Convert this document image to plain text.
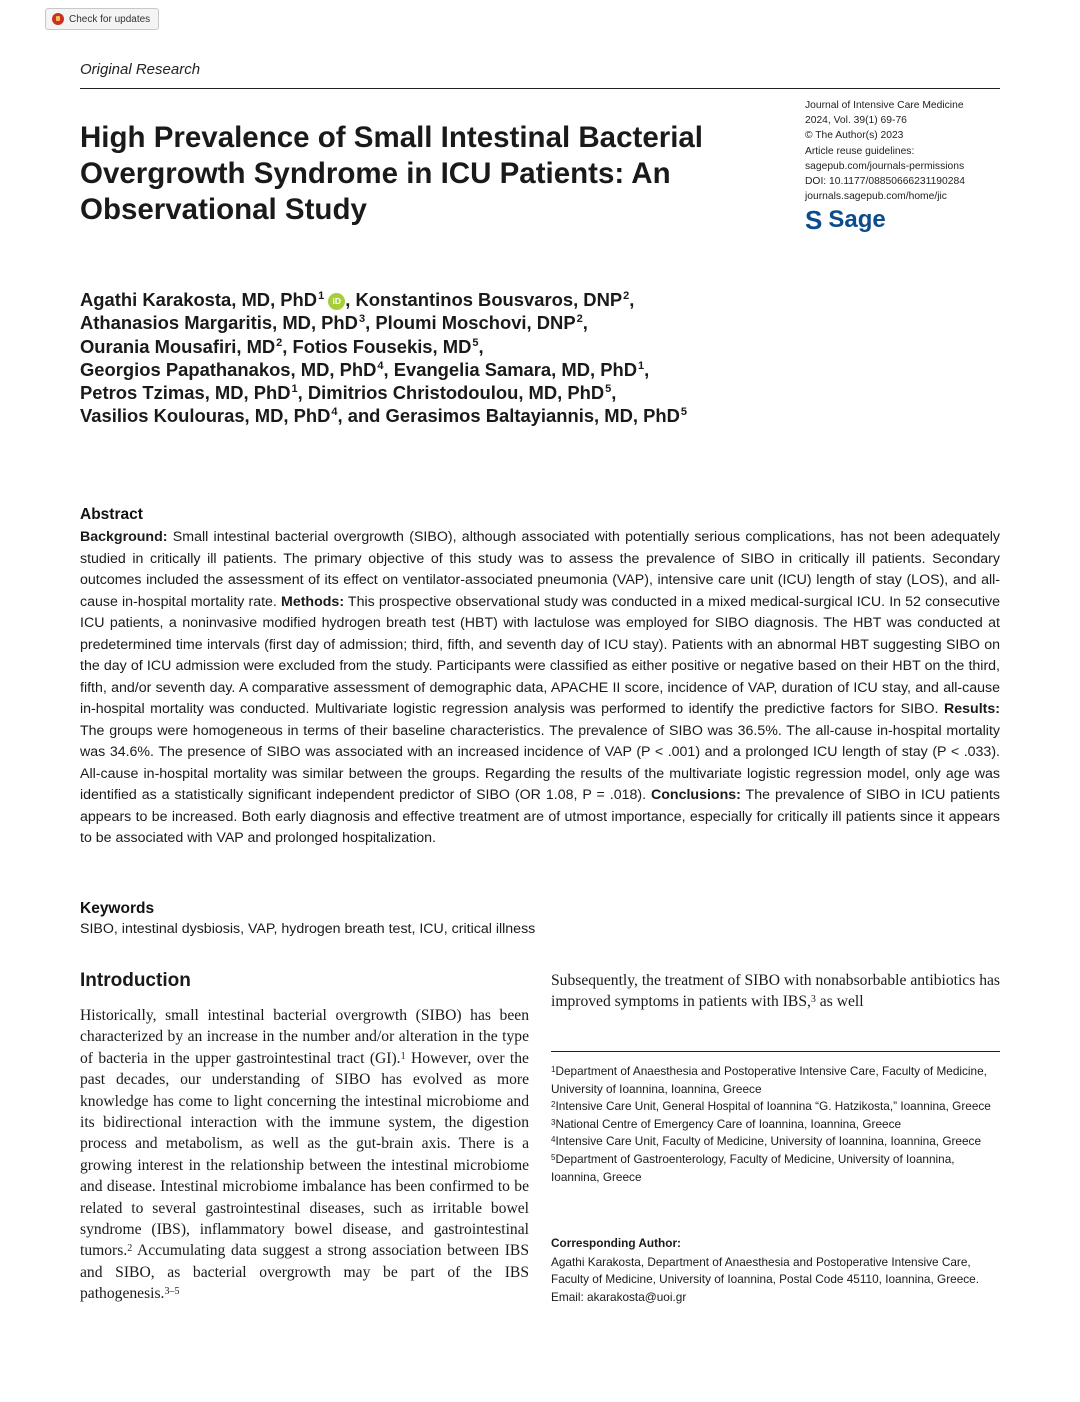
Check for updates
Original Research
High Prevalence of Small Intestinal Bacterial Overgrowth Syndrome in ICU Patients: An Observational Study
Journal of Intensive Care Medicine
2024, Vol. 39(1) 69-76
© The Author(s) 2023
Article reuse guidelines:
sagepub.com/journals-permissions
DOI: 10.1177/08850666231190284
journals.sagepub.com/home/jic
S Sage
Agathi Karakosta, MD, PhD$^1$ iD , Konstantinos Bousvaros, DNP$^2$,
Athanasios Margaritis, MD, PhD$^3$, Ploumi Moschovi, DNP$^2$,
Ourania Mousafiri, $MD^2$, Fotios Fousekis, $MD^5$,
Georgios Papathanakos, MD, PhD$^4$, Evangelia Samara, MD, PhD$^1$,
Petros Tzimas, MD, PhD$^1$, Dimitrios Christodoulou, MD, PhD$^5$,
Vasilios Koulouras, MD, PhD$^4$, and Gerasimos Baltayiannis, MD, PhD$^5$
Abstract
Background: Small intestinal bacterial overgrowth (SIBO), although associated with potentially serious complications, has not been adequately studied in critically ill patients. The primary objective of this study was to assess the prevalence of SIBO in critically ill patients. Secondary outcomes included the assessment of its effect on ventilator-associated pneumonia (VAP), intensive care unit (ICU) length of stay (LOS), and all-cause in-hospital mortality rate. Methods: This prospective observational study was conducted in a mixed medical-surgical ICU. In 52 consecutive ICU patients, a noninvasive modified hydrogen breath test (HBT) with lactulose was employed for SIBO diagnosis. The HBT was conducted at predetermined time intervals (first day of admission; third, fifth, and seventh day of ICU stay). Patients with an abnormal HBT suggesting SIBO on the day of ICU admission were excluded from the study. Participants were classified as either positive or negative based on their HBT on the third, fifth, and/or seventh day. A comparative assessment of demographic data, APACHE II score, incidence of VAP, duration of ICU stay, and all-cause in-hospital mortality was conducted. Multivariate logistic regression analysis was performed to identify the predictive factors for SIBO. Results: The groups were homogeneous in terms of their baseline characteristics. The prevalence of SIBO was 36.5%. The all-cause in-hospital mortality was 34.6%. The presence of SIBO was associated with an increased incidence of VAP (P < .001) and a prolonged ICU length of stay (P < .033). All-cause in-hospital mortality was similar between the groups. Regarding the results of the multivariate logistic regression model, only age was identified as a statistically significant independent predictor of SIBO (OR 1.08, P = .018). Conclusions: The prevalence of SIBO in ICU patients appears to be increased. Both early diagnosis and effective treatment are of utmost importance, especially for critically ill patients since it appears to be associated with VAP and prolonged hospitalization.
Keywords
SIBO, intestinal dysbiosis, VAP, hydrogen breath test, ICU, critical illness
Introduction
Historically, small intestinal bacterial overgrowth (SIBO) has been characterized by an increase in the number and/or alteration in the type of bacteria in the upper gastrointestinal tract (GI).$^1$ However, over the past decades, our understanding of SIBO has evolved as more knowledge has come to light concerning the intestinal microbiome and its bidirectional interaction with the immune system, the digestion process and metabolism, as well as the gut-brain axis. There is a growing interest in the relationship between the intestinal microbiome and disease. Intestinal microbiome imbalance has been confirmed to be related to several gastrointestinal diseases, such as irritable bowel syndrome (IBS), inflammatory bowel disease, and gastrointestinal tumors.$^2$ Accumulating data suggest a strong association between IBS and SIBO, as bacterial overgrowth may be part of the IBS pathogenesis.$^{3-5}$
Subsequently, the treatment of SIBO with nonabsorbable antibiotics has improved symptoms in patients with IBS,$^3$ as well
$^1$Department of Anaesthesia and Postoperative Intensive Care, Faculty of Medicine, University of Ioannina, Ioannina, Greece
$^2$Intensive Care Unit, General Hospital of Ioannina “G. Hatzikosta,” Ioannina, Greece
$^3$National Centre of Emergency Care of Ioannina, Ioannina, Greece
$^4$Intensive Care Unit, Faculty of Medicine, University of Ioannina, Ioannina, Greece
$^5$Department of Gastroenterology, Faculty of Medicine, University of Ioannina, Ioannina, Greece
Corresponding Author:
Agathi Karakosta, Department of Anaesthesia and Postoperative Intensive Care, Faculty of Medicine, University of Ioannina, Postal Code 45110, Ioannina, Greece.
Email: akarakosta@uoi.gr
